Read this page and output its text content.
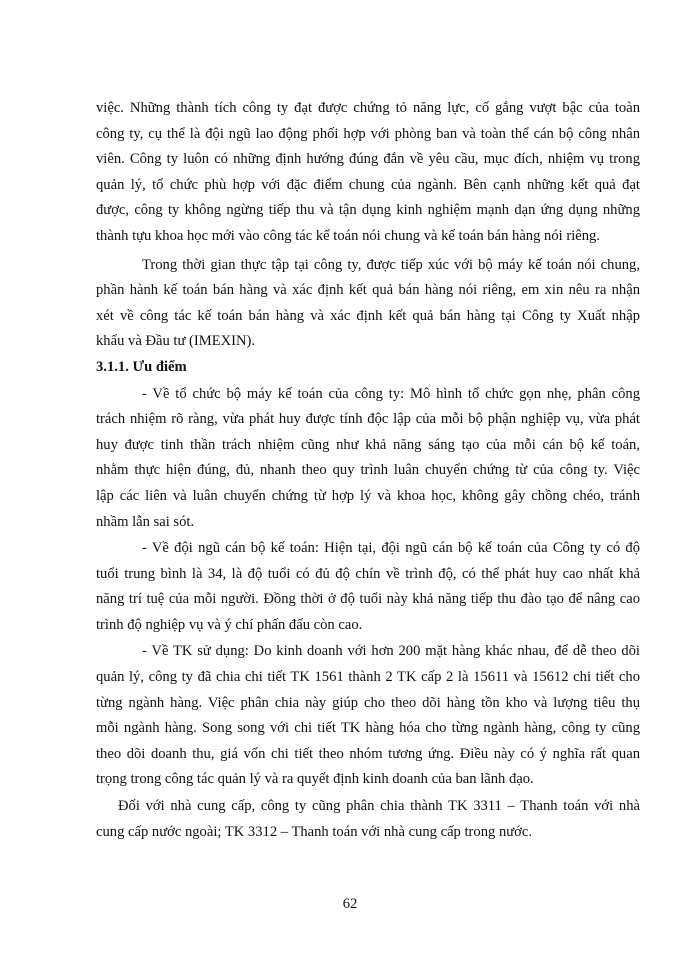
việc. Những thành tích công ty đạt được chứng tỏ năng lực, cố gắng vượt bậc của toàn
công ty, cụ thể là đội ngũ lao động phối hợp với phòng ban và toàn thể cán bộ công nhân
viên. Công ty luôn có những định hướng đúng đắn về yêu cầu, mục đích, nhiệm vụ trong
quản lý, tổ chức phù hợp với đặc điểm chung của ngành. Bên cạnh những kết quả đạt
được, công ty không ngừng tiếp thu và tận dụng kinh nghiệm mạnh dạn ứng dụng những
thành tựu khoa học mới vào công tác kế toán nói chung và kế toán bán hàng nói riêng.

Trong thời gian thực tập tại công ty, được tiếp xúc với bộ máy kế toán nói chung,
phần hành kế toán bán hàng và xác định kết quả bán hàng nói riêng, em xin nêu ra nhận
xét về công tác kế toán bán hàng và xác định kết quả bán hàng tại Công ty Xuất nhập
khẩu và Đầu tư (IMEXIN).

3.1.1. Ưu điểm

- Về tổ chức bộ máy kế toán của công ty: Mô hình tổ chức gọn nhẹ, phân công
trách nhiệm rõ ràng, vừa phát huy được tính độc lập của mỗi bộ phận nghiệp vụ, vừa phát
huy được tinh thần trách nhiệm cũng như khả năng sáng tạo của mỗi cán bộ kế toán,
nhằm thực hiện đúng, đủ, nhanh theo quy trình luân chuyển chứng từ của công ty. Việc
lập các liên và luân chuyển chứng từ hợp lý và khoa học, không gây chồng chéo, tránh
nhầm lẫn sai sót.

- Về đội ngũ cán bộ kế toán: Hiện tại, đội ngũ cán bộ kế toán của Công ty có độ
tuổi trung bình là 34, là độ tuổi có đủ độ chín về trình độ, có thể phát huy cao nhất khả
năng trí tuệ của mỗi người. Đồng thời ở độ tuổi này khả năng tiếp thu đào tạo để nâng cao
trình độ nghiệp vụ và ý chí phấn đấu còn cao.

- Về TK sử dụng: Do kinh doanh với hơn 200 mặt hàng khác nhau, để dễ theo dõi
quản lý, công ty đã chia chi tiết TK 1561 thành 2 TK cấp 2 là 15611 và 15612 chi tiết cho
từng ngành hàng. Việc phân chia này giúp cho theo dõi hàng tồn kho và lượng tiêu thụ
mỗi ngành hàng. Song song với chi tiết TK hàng hóa cho từng ngành hàng, công ty cũng
theo dõi doanh thu, giá vốn chi tiết theo nhóm tương ứng. Điều này có ý nghĩa rất quan
trọng trong công tác quản lý và ra quyết định kinh doanh của ban lãnh đạo.

Đối với nhà cung cấp, công ty cũng phân chia thành TK 3311 – Thanh toán với nhà
cung cấp nước ngoài; TK 3312 – Thanh toán với nhà cung cấp trong nước.

62
